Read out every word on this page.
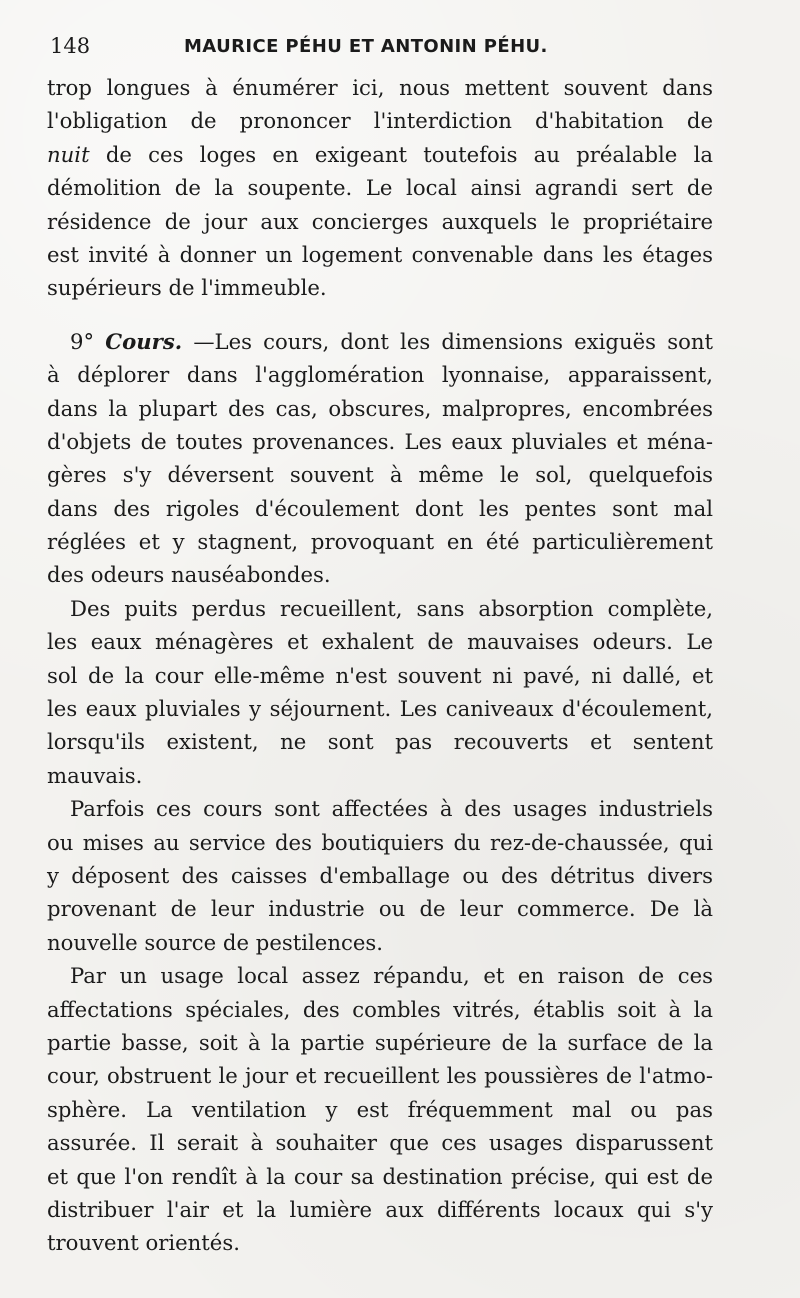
148	MAURICE PÉHU ET ANTONIN PÉHU.
trop longues à énumérer ici, nous mettent souvent dans
l'obligation de prononcer l'interdiction d'habitation de
nuit de ces loges en exigeant toutefois au préalable la
démolition de la soupente. Le local ainsi agrandi sert de
résidence de jour aux concierges auxquels le propriétaire
est invité à donner un logement convenable dans les étages
supérieurs de l'immeuble.
9° Cours. —Les cours, dont les dimensions exiguës sont
à déplorer dans l'agglomération lyonnaise, apparaissent,
dans la plupart des cas, obscures, malpropres, encombrées
d'objets de toutes provenances. Les eaux pluviales et ména-
gères s'y déversent souvent à même le sol, quelquefois
dans des rigoles d'écoulement dont les pentes sont mal
réglées et y stagnent, provoquant en été particulièrement
des odeurs nauséabondes.
Des puits perdus recueillent, sans absorption complète,
les eaux ménagères et exhalent de mauvaises odeurs. Le
sol de la cour elle-même n'est souvent ni pavé, ni dallé, et
les eaux pluviales y séjournent. Les caniveaux d'écoulement,
lorsqu'ils existent, ne sont pas recouverts et sentent
mauvais.
Parfois ces cours sont affectées à des usages industriels
ou mises au service des boutiquiers du rez-de-chaussée, qui
y déposent des caisses d'emballage ou des détritus divers
provenant de leur industrie ou de leur commerce. De là
nouvelle source de pestilences.
Par un usage local assez répandu, et en raison de ces
affectations spéciales, des combles vitrés, établis soit à la
partie basse, soit à la partie supérieure de la surface de la
cour, obstruent le jour et recueillent les poussières de l'atmo-
sphère. La ventilation y est fréquemment mal ou pas
assurée. Il serait à souhaiter que ces usages disparussent
et que l'on rendît à la cour sa destination précise, qui est de
distribuer l'air et la lumière aux différents locaux qui s'y
trouvent orientés.
